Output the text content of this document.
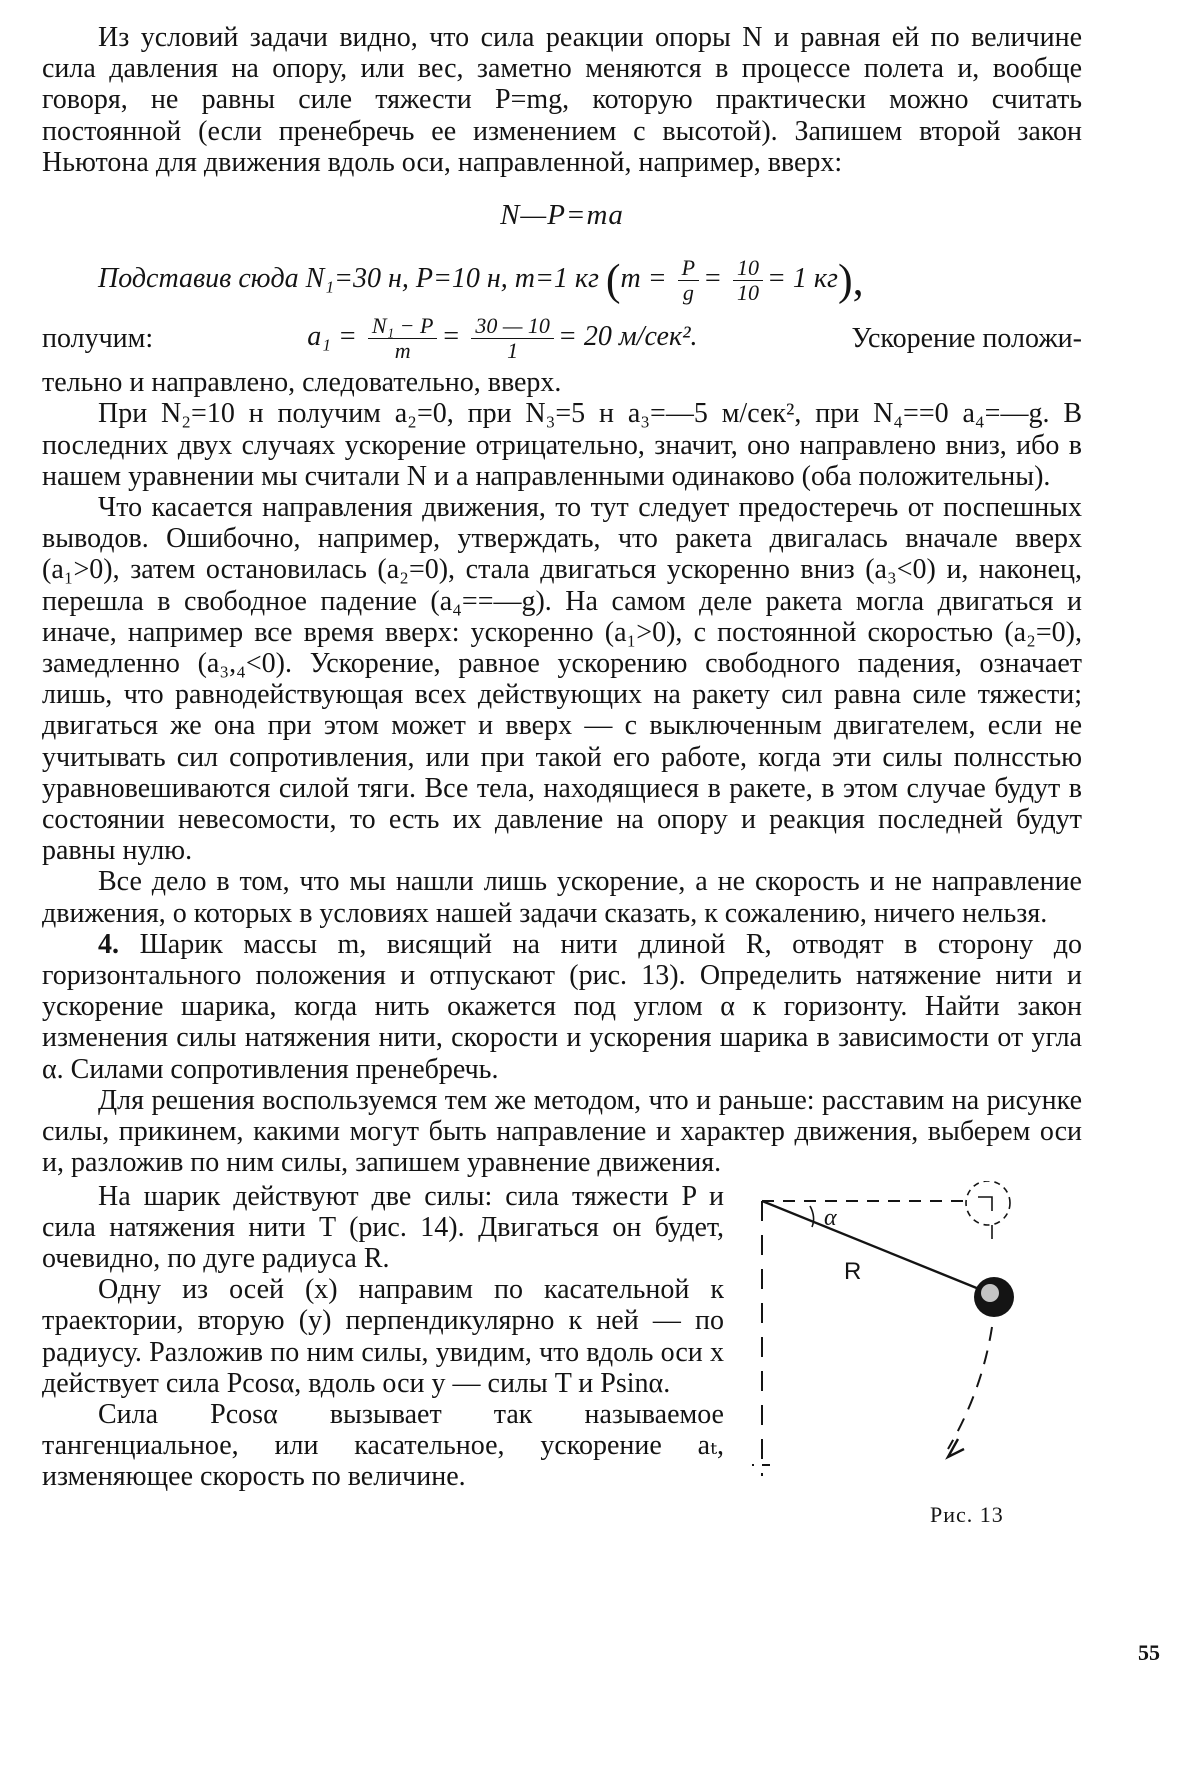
Из условий задачи видно, что сила реакции опоры N и равная ей по величине сила давления на опору, или вес, заметно меняются в процессе полета и, вообще говоря, не равны силе тяжести P=mg, которую практически можно считать постоянной (если пренебречь ее изменением с высотой). Запишем второй закон Ньютона для движения вдоль оси, направленной, например, вверх:

N—P=ma

Подставив сюда N₁=30 н, P=10 н, m=1 кг ($m = \frac{P}{g} = \frac{10}{10} = 1$ кг),
получим:	$a_1 = \frac{\text{N₁ − P}}{m} = \frac{30 — 10}{1} = 20$ м/сек².	Ускорение положи-

тельно и направлено, следовательно, вверх.

При N₂=10 н получим a₂=0, при N₃=5 н a₃=—5 м/сек², при N₄==0 a₄=—g. В последних двух случаях ускорение отрицательно, значит, оно направлено вниз, ибо в нашем уравнении мы считали N и a направленными одинаково (оба положительны).

Что касается направления движения, то тут следует предостеречь от поспешных выводов. Ошибочно, например, утверждать, что ракета двигалась вначале вверх (a₁>0), затем остановилась (a₂=0), стала двигаться ускоренно вниз (a₃<0) и, наконец, перешла в свободное падение (a₄==—g). На самом деле ракета могла двигаться и иначе, например все время вверх: ускоренно (a₁>0), с постоянной скоростью (a₂=0), замедленно (a₃,₄<0). Ускорение, равное ускорению свободного падения, означает лишь, что равнодействующая всех действующих на ракету сил равна силе тяжести; двигаться же она при этом может и вверх — с выключенным двигателем, если не учитывать сил сопротивления, или при такой его работе, когда эти силы полнсстью уравновешиваются силой тяги. Все тела, находящиеся в ракете, в этом случае будут в состоянии невесомости, то есть их давление на опору и реакция последней будут равны нулю.

Все дело в том, что мы нашли лишь ускорение, а не скорость и не направление движения, о которых в условиях нашей задачи сказать, к сожалению, ничего нельзя.

4. Шарик массы m, висящий на нити длиной R, отводят в сторону до горизонтального положения и отпускают (рис. 13). Определить натяжение нити и ускорение шарика, когда нить окажется под углом α к горизонту. Найти закон изменения силы натяжения нити, скорости и ускорения шарика в зависимости от угла α. Силами сопротивления пренебречь.

Для решения воспользуемся тем же методом, что и раньше: расставим на рисунке силы, прикинем, какими могут быть направление и характер движения, выберем оси и, разложив по ним силы, запишем уравнение движения.

На шарик действуют две силы: сила тяжести P и сила натяжения нити T (рис. 14). Двигаться он будет, очевидно, по дуге радиуса R.

Одну из осей (x) направим по касательной к траектории, вторую (y) перпендикулярно к ней — по радиусу. Разложив по ним силы, увидим, что вдоль оси x действует сила Pcosα, вдоль оси y — силы T и Psinα.

Сила Pcosα вызывает так называемое тангенциальное, или касательное, ускорение aₜ, изменяющее скорость по величине.

α
R
Рис. 13
55
